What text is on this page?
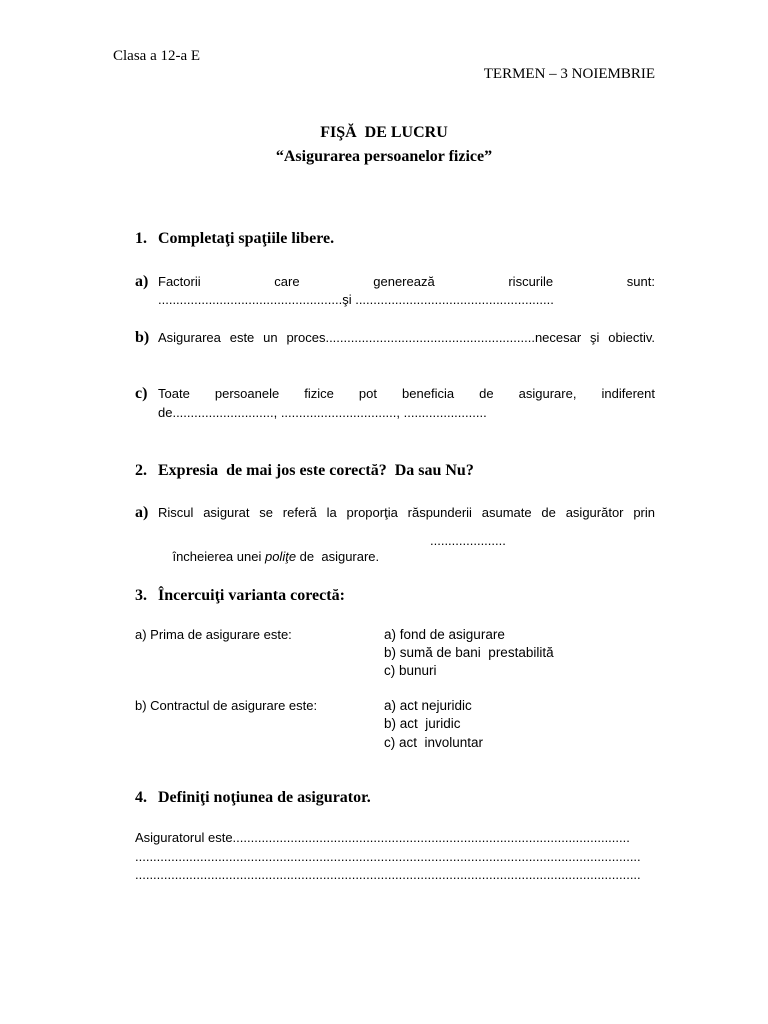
Clasa a 12-a E
TERMEN – 3 NOIEMBRIE
FIŞĂ  DE LUCRU
“Asigurarea persoanelor fizice”
1. Completaţi spaţiile libere.
a) Factorii care generează riscurile sunt:
...................................................şi .......................................................
b) Asigurarea este un proces..........................................................necesar şi obiectiv.
c) Toate persoanele fizice pot beneficia de asigurare, indiferent
de............................, ................................, .......................
2. Expresia  de mai jos este corectă?  Da sau Nu?
a) Riscul asigurat se referă la proporţia răspunderii asumate de asigurător prin

încheierea unei poliţe de  asigurare.

.....................
3. Încercuiţi varianta corectă:
a) Prima de asigurare este:	a) fond de asigurare
b) sumă de bani  prestabilită
c) bunuri
b) Contractul de asigurare este:	a) act nejuridic
b) act  juridic
c) act  involuntar
4. Definiţi noţiunea de asigurator.
Asiguratorul este..............................................................................................................
............................................................................................................................................
............................................................................................................................................
